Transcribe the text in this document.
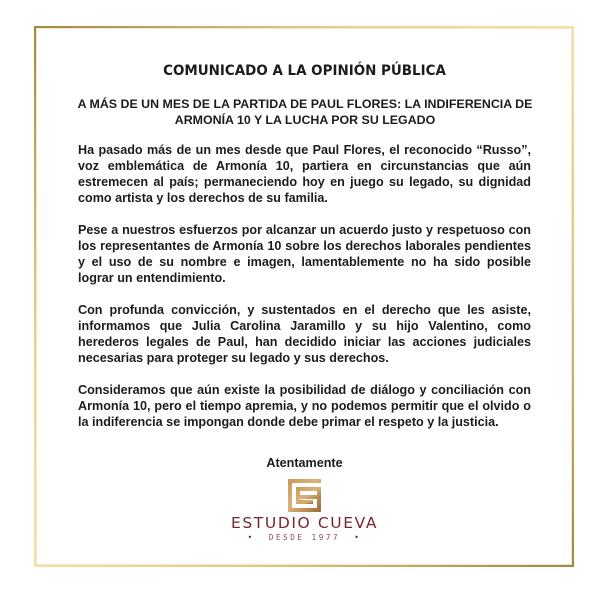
COMUNICADO A LA OPINIÓN PÚBLICA
A MÁS DE UN MES DE LA PARTIDA DE PAUL FLORES: LA INDIFERENCIA DE ARMONÍA 10 Y LA LUCHA POR SU LEGADO

Ha pasado más de un mes desde que Paul Flores, el reconocido “Russo”, voz emblemática de Armonía 10, partiera en circunstancias que aún estremecen al país; permaneciendo hoy en juego su legado, su dignidad como artista y los derechos de su familia.

Pese a nuestros esfuerzos por alcanzar un acuerdo justo y respetuoso con los representantes de Armonía 10 sobre los derechos laborales pendientes y el uso de su nombre e imagen, lamentablemente no ha sido posible lograr un entendimiento.

Con profunda convicción, y sustentados en el derecho que les asiste, informamos que Julia Carolina Jaramillo y su hijo Valentino, como herederos legales de Paul, han decidido iniciar las acciones judiciales necesarias para proteger su legado y sus derechos.

Consideramos que aún existe la posibilidad de diálogo y conciliación con Armonía 10, pero el tiempo apremia, y no podemos permitir que el olvido o la indiferencia se impongan donde debe primar el respeto y la justicia.

Atentamente
ESTUDIO CUEVA
• DESDE 1977 •
